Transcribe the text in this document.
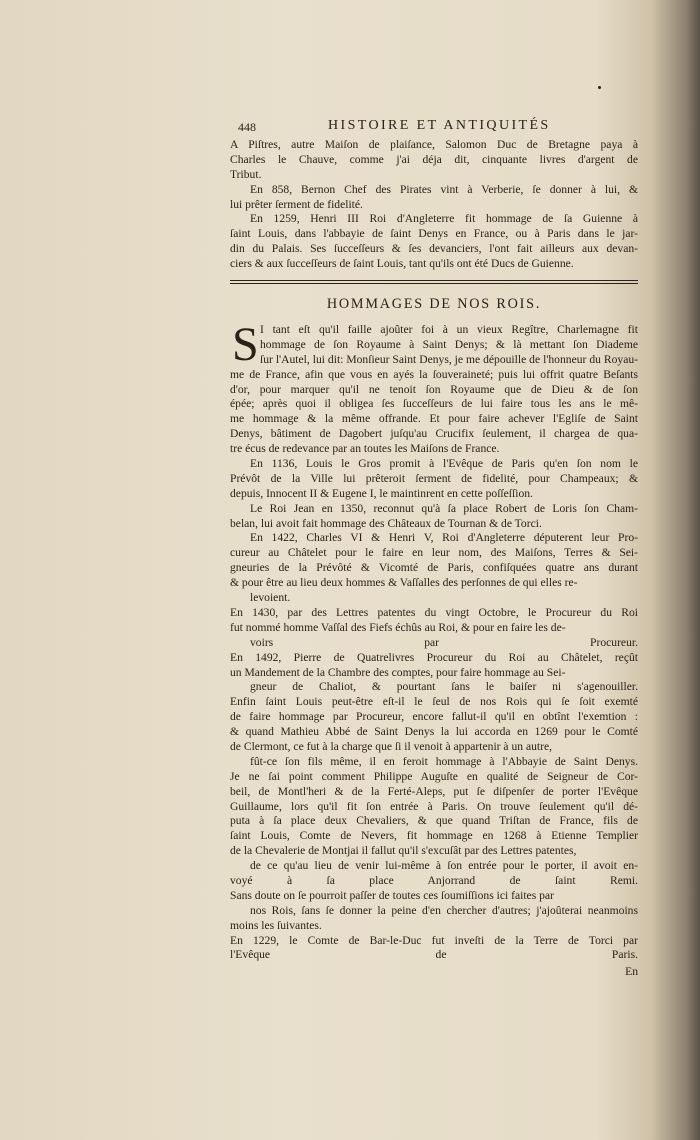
448	HISTOIRE ET ANTIQUITÉS
A Piſtres, autre Maiſon de plaiſance, Salomon Duc de Bretagne paya à
Charles le Chauve, comme j'ai déja dit, cinquante livres d'argent de
Tribut.
En 858, Bernon Chef des Pirates vint à Verberie, ſe donner à lui, &
lui prêter ſerment de fidelité.
En 1259, Henri III Roi d'Angleterre fit hommage de ſa Guienne à
ſaint Louis, dans l'abbayie de ſaint Denys en France, ou à Paris dans le jar-
din du Palais. Ses ſucceſſeurs & ſes devanciers, l'ont fait ailleurs aux devan-
ciers & aux ſucceſſeurs de ſaint Louis, tant qu'ils ont été Ducs de Guienne.
HOMMAGES DE NOS ROIS.
S I tant eſt qu'il faille ajoûter foi à un vieux Regître, Charlemagne fit
hommage de ſon Royaume à Saint Denys; & là mettant ſon Diademe
ſur l'Autel, lui dit: Monſieur Saint Denys, je me dépouille de l'honneur du Royau-
me de France, afin que vous en ayés la ſouveraineté; puis lui offrit quatre Beſants
d'or, pour marquer qu'il ne tenoit ſon Royaume que de Dieu & de ſon
épée; après quoi il obligea ſes ſucceſſeurs de lui faire tous les ans le mê-
me hommage & la même offrande. Et pour faire achever l'Egliſe de Saint
Denys, bâtiment de Dagobert juſqu'au Crucifix ſeulement, il chargea de qua-
tre écus de redevance par an toutes les Maiſons de France.
En 1136, Louis le Gros promit à l'Evêque de Paris qu'en ſon nom le
Prévôt de la Ville lui prêteroit ſerment de fidelité, pour Champeaux; &
depuis, Innocent II & Eugene I, le maintinrent en cette poſſeſſion.
Le Roi Jean en 1350, reconnut qu'à ſa place Robert de Loris ſon Cham-
belan, lui avoit fait hommage des Châteaux de Tournan & de Torci.
En 1422, Charles VI & Henri V, Roi d'Angleterre députerent leur Pro-
cureur au Châtelet pour le faire en leur nom, des Maiſons, Terres & Sei-
gneuries de la Prévôté & Vicomté de Paris, confiſquées quatre ans durant
& pour être au lieu deux hommes & Vaſſalles des perſonnes de qui elles re-
levoient.
En 1430, par des Lettres patentes du vingt Octobre, le Procureur du Roi
fut nommé homme Vaſſal des Fiefs échûs au Roi, & pour en faire les de-
voirs par Procureur.
En 1492, Pierre de Quatrelivres Procureur du Roi au Châtelet, reçût
un Mandement de la Chambre des comptes, pour faire hommage au Sei-
gneur de Chaliot, & pourtant ſans le baiſer ni s'agenouiller.
Enfin ſaint Louis peut-être eſt-il le ſeul de nos Rois qui ſe ſoit exemté
de faire hommage par Procureur, encore fallut-il qu'il en obtînt l'exemtion :
& quand Mathieu Abbé de Saint Denys la lui accorda en 1269 pour le Comté
de Clermont, ce fut à la charge que ſi il venoit à appartenir à un autre,
fût-ce ſon fils même, il en feroit hommage à l'Abbayie de Saint Denys.
Je ne ſai point comment Philippe Auguſte en qualité de Seigneur de Cor-
beil, de Montl'heri & de la Ferté-Aleps, put ſe diſpenſer de porter l'Evêque
Guillaume, lors qu'il fit ſon entrée à Paris. On trouve ſeulement qu'il dé-
puta à ſa place deux Chevaliers, & que quand Triſtan de France, fils de
ſaint Louis, Comte de Nevers, fit hommage en 1268 à Etienne Templier
de la Chevalerie de Montjai il fallut qu'il s'excuſât par des Lettres patentes,
de ce qu'au lieu de venir lui-même à ſon entrée pour le porter, il avoit en-
voyé à ſa place Anjorrand de ſaint Remi.
Sans doute on ſe pourroit paſſer de toutes ces ſoumiſſions ici faites par
nos Rois, ſans ſe donner la peine d'en chercher d'autres; j'ajoûterai neanmoins
moins les ſuivantes.
En 1229, le Comte de Bar-le-Duc fut inveſti de la Terre de Torci par
l'Evêque de Paris.
En
